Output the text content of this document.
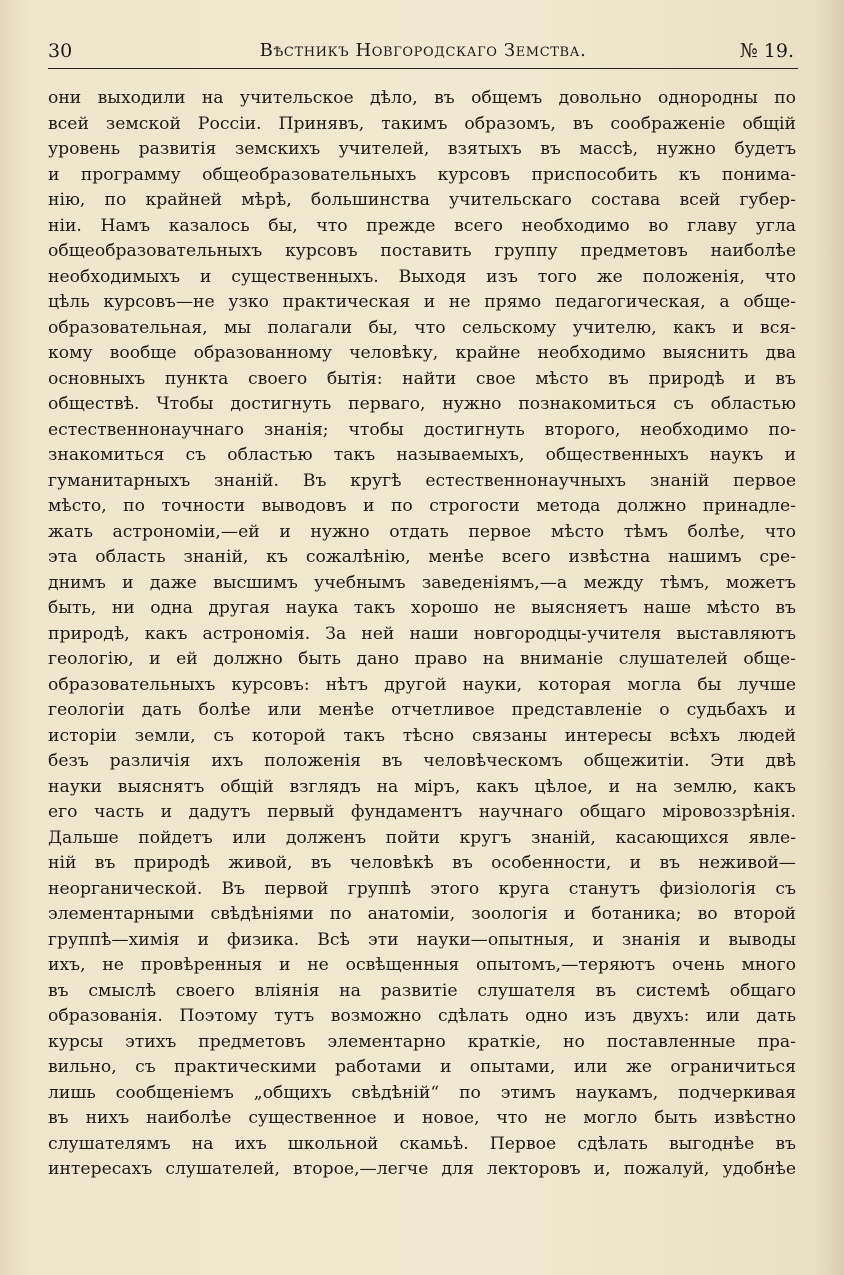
30	Вѣстникъ Новгородскаго Земства.	№ 19.
они выходили на учительское дѣло, въ общемъ довольно однородны по
всей земской Россіи. Принявъ, такимъ образомъ, въ соображеніе общій
уровень развитія земскихъ учителей, взятыхъ въ массѣ, нужно будетъ
и программу общеобразовательныхъ курсовъ приспособить къ понима-
нію, по крайней мѣрѣ, большинства учительскаго состава всей губер-
ніи. Намъ казалось бы, что прежде всего необходимо во главу угла
общеобразовательныхъ курсовъ поставить группу предметовъ наиболѣе
необходимыхъ и существенныхъ. Выходя изъ того же положенія, что
цѣль курсовъ—не узко практическая и не прямо педагогическая, а обще-
образовательная, мы полагали бы, что сельскому учителю, какъ и вся-
кому вообще образованному человѣку, крайне необходимо выяснить два
основныхъ пункта своего бытія: найти свое мѣсто въ природѣ и въ
обществѣ. Чтобы достигнуть перваго, нужно познакомиться съ областью
естественнонаучнаго знанія; чтобы достигнуть второго, необходимо по-
знакомиться съ областью такъ называемыхъ, общественныхъ наукъ и
гуманитарныхъ знаній. Въ кругѣ естественнонаучныхъ знаній первое
мѣсто, по точности выводовъ и по строгости метода должно принадле-
жать астрономіи,—ей и нужно отдать первое мѣсто тѣмъ болѣе, что
эта область знаній, къ сожалѣнію, менѣе всего извѣстна нашимъ сре-
днимъ и даже высшимъ учебнымъ заведеніямъ,—а между тѣмъ, можетъ
быть, ни одна другая наука такъ хорошо не выясняетъ наше мѣсто въ
природѣ, какъ астрономія. За ней наши новгородцы-учителя выставляютъ
геологію, и ей должно быть дано право на вниманіе слушателей обще-
образовательныхъ курсовъ: нѣтъ другой науки, которая могла бы лучше
геологіи дать болѣе или менѣе отчетливое представленіе о судьбахъ и
исторіи земли, съ которой такъ тѣсно связаны интересы всѣхъ людей
безъ различія ихъ положенія въ человѣческомъ общежитіи. Эти двѣ
науки выяснятъ общій взглядъ на міръ, какъ цѣлое, и на землю, какъ
его часть и дадутъ первый фундаментъ научнаго общаго міровоззрѣнія.
Дальше пойдетъ или долженъ пойти кругъ знаній, касающихся явле-
ній въ природѣ живой, въ человѣкѣ въ особенности, и въ неживой—
неорганической. Въ первой группѣ этого круга станутъ физіологія съ
элементарными свѣдѣніями по анатоміи, зоологія и ботаника; во второй
группѣ—химія и физика. Всѣ эти науки—опытныя, и знанія и выводы
ихъ, не провѣренныя и не освѣщенныя опытомъ,—теряютъ очень много
въ смыслѣ своего вліянія на развитіе слушателя въ системѣ общаго
образованія. Поэтому тутъ возможно сдѣлать одно изъ двухъ: или дать
курсы этихъ предметовъ элементарно краткіе, но поставленные пра-
вильно, съ практическими работами и опытами, или же ограничиться
лишь сообщеніемъ „общихъ свѣдѣній“ по этимъ наукамъ, подчеркивая
въ нихъ наиболѣе существенное и новое, что не могло быть извѣстно
слушателямъ на ихъ школьной скамьѣ. Первое сдѣлать выгоднѣе въ
интересахъ слушателей, второе,—легче для лекторовъ и, пожалуй, удобнѣе
